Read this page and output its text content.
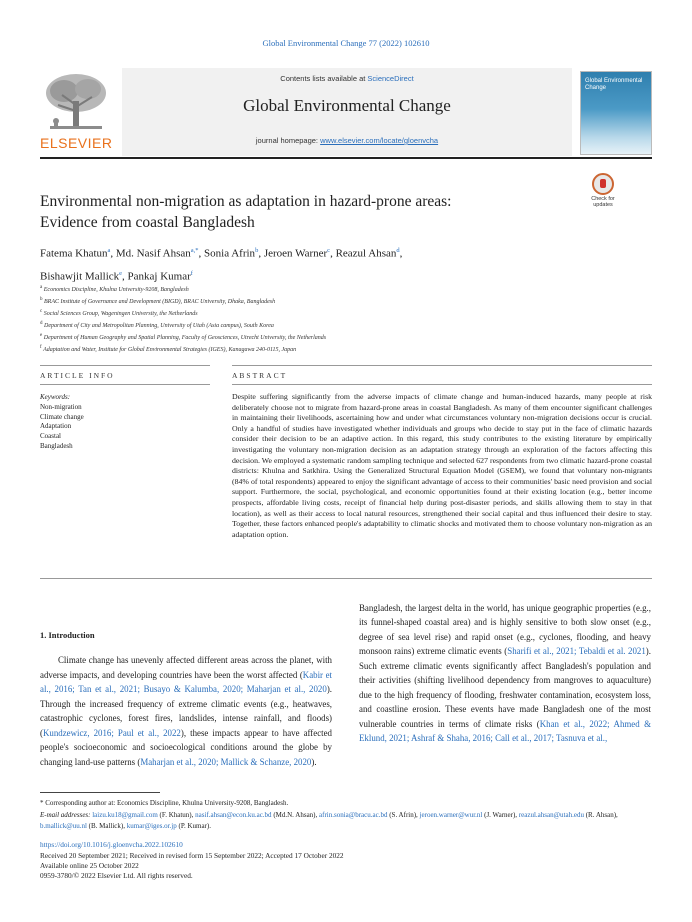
Global Environmental Change 77 (2022) 102610
ELSEVIER
Contents lists available at ScienceDirect
Global Environmental Change
journal homepage: www.elsevier.com/locate/gloenvcha
Global Environmental Change
Environmental non-migration as adaptation in hazard-prone areas:
Evidence from coastal Bangladesh
Check for updates
Fatema Khatun$^a$, Md. Nasif Ahsan$^{a,*}$, Sonia Afrin$^b$, Jeroen Warner$^c$, Reazul Ahsan$^d$,
Bishawjit Mallick$^e$, Pankaj Kumar$^f$
$^a$ Economics Discipline, Khulna University-9208, Bangladesh
$^b$ BRAC Institute of Governance and Development (BIGD), BRAC University, Dhaka, Bangladesh
$^c$ Social Sciences Group, Wageningen University, the Netherlands
$^d$ Department of City and Metropolitan Planning, University of Utah (Asia campus), South Korea
$^e$ Department of Human Geography and Spatial Planning, Faculty of Geosciences, Utrecht University, the Netherlands
$^f$ Adaptation and Water, Institute for Global Environmental Strategies (IGES), Kanagawa 240-0115, Japan
ARTICLE INFO	ABSTRACT
Keywords:
Non-migration
Climate change
Adaptation
Coastal
Bangladesh
Despite suffering significantly from the adverse impacts of climate change and human-induced hazards, many people at risk deliberately choose not to migrate from hazard-prone areas in coastal Bangladesh. As many of them encounter significant challenges in maintaining their livelihoods, ascertaining how and under what circumstances voluntary non-migration decisions occur is crucial. Only a handful of studies have investigated whether individuals and groups who decide to stay put in the face of climatic hazards consider their decision to be an adaptive action. In this regard, this study contributes to the existing literature by empirically investigating the voluntary non-migration decision as an adaptation strategy through an exploration of the factors affecting this decision. We employed a systematic random sampling technique and selected 627 respondents from two climatic hazard-prone coastal districts: Khulna and Satkhira. Using the Generalized Structural Equation Model (GSEM), we found that voluntary non-migrants (84% of total respondents) appeared to enjoy the significant advantage of access to their communities' basic need provision and social support. Furthermore, the social, psychological, and economic opportunities found at their existing location (e.g., better income prospects, affordable living costs, receipt of financial help during post-disaster periods, and skills allowing them to stay in that location), as well as their access to local natural resources, strengthened their social capital and thus influenced their desire to stay. Together, these factors enhanced people's adaptability to climatic shocks and motivated them to choose voluntary non-migration as an adaptation option.
1. Introduction

Climate change has unevenly affected different areas across the planet, with adverse impacts, and developing countries have been the worst affected (Kabir et al., 2016; Tan et al., 2021; Busayo & Kalumba, 2020; Maharjan et al., 2020). Through the increased frequency of extreme climatic events (e.g., heatwaves, catastrophic cyclones, forest fires, landslides, intense rainfall, and floods) (Kundzewicz, 2016; Paul et al., 2022), these impacts appear to have affected people's socioeconomic and socioecological conditions around the globe by changing land-use patterns (Maharjan et al., 2020; Mallick & Schanze, 2020).

Bangladesh, the largest delta in the world, has unique geographic properties (e.g., its funnel-shaped coastal area) and is highly sensitive to both slow onset (e.g., degree of sea level rise) and rapid onset (e.g., cyclones, flooding, and heavy monsoon rains) extreme climatic events (Sharifi et al., 2021; Tebaldi et al. 2021). Such extreme climatic events significantly affect Bangladesh's population and their activities (shifting livelihood dependency from mangroves to aquaculture) due to the high frequency of flooding, freshwater contamination, ecosystem loss, and coastline erosion. These events have made Bangladesh one of the most vulnerable countries in terms of climate risks (Khan et al., 2022; Ahmed & Eklund, 2021; Ashraf & Shaha, 2016; Call et al., 2017; Tasnuva et al.,

* Corresponding author at: Economics Discipline, Khulna University-9208, Bangladesh.
E-mail addresses: laizu.ku18@gmail.com (F. Khatun), nasif.ahsan@econ.ku.ac.bd (Md.N. Ahsan), afrin.sonia@bracu.ac.bd (S. Afrin), jeroen.warner@wur.nl (J. Warner), reazul.ahsan@utah.edu (R. Ahsan), b.mallick@uu.nl (B. Mallick), kumar@iges.or.jp (P. Kumar).
https://doi.org/10.1016/j.gloenvcha.2022.102610
Received 20 September 2021; Received in revised form 15 September 2022; Accepted 17 October 2022
Available online 25 October 2022
0959-3780/© 2022 Elsevier Ltd. All rights reserved.
